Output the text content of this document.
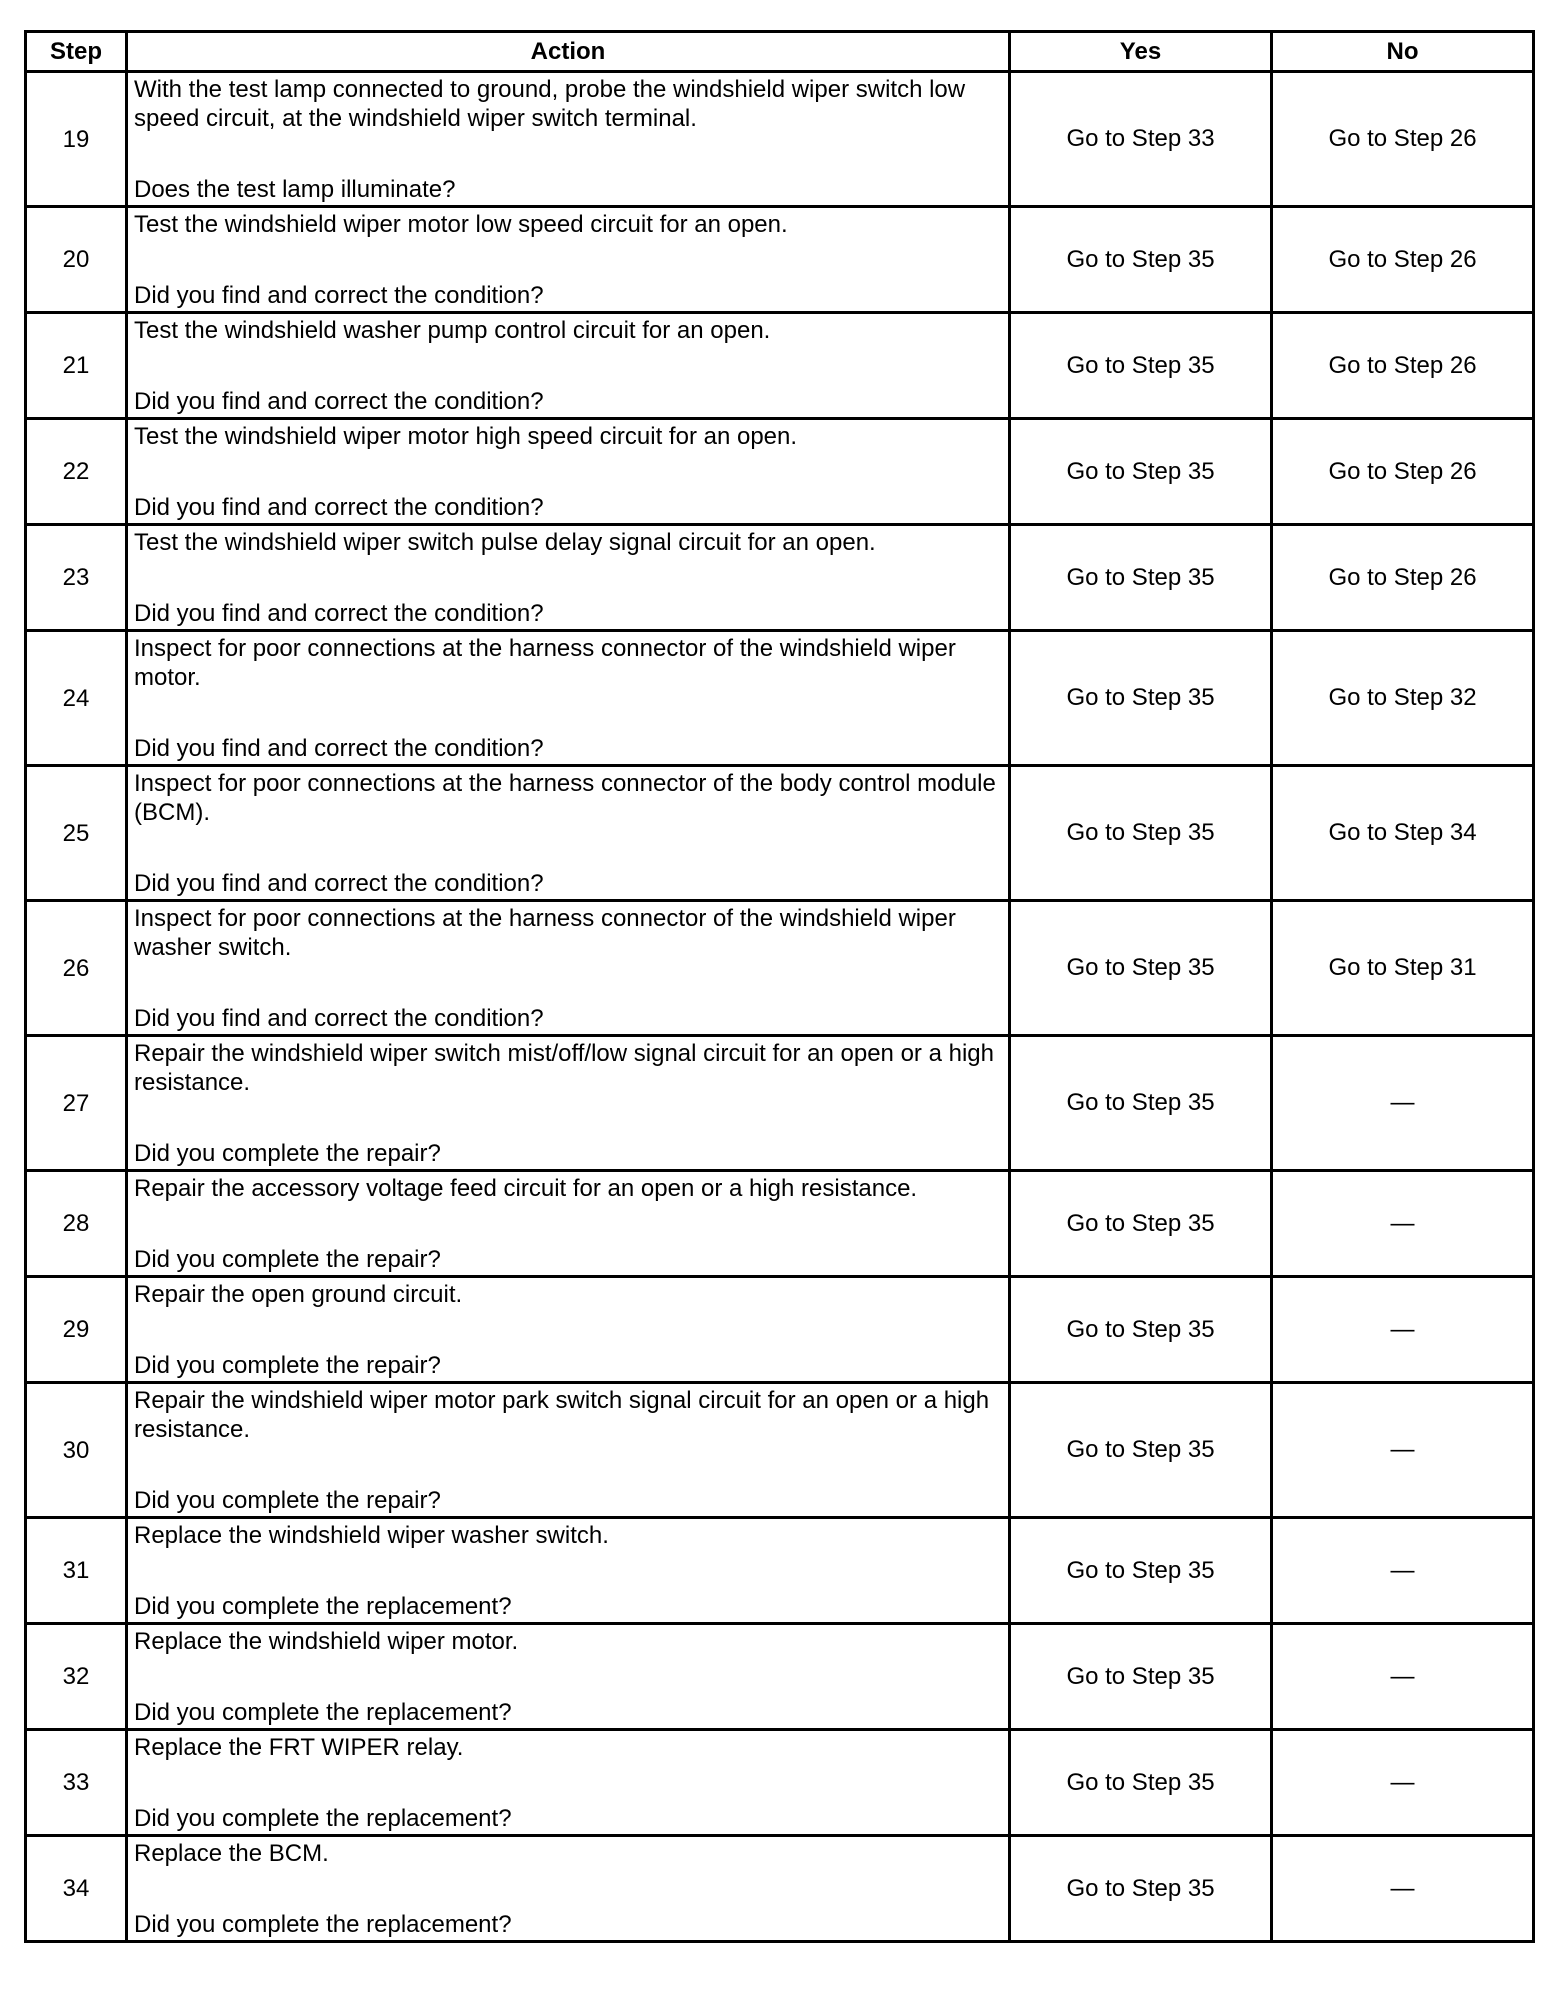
Step	Action	Yes	No
19	With the test lamp connected to ground, probe the windshield wiper switch low speed circuit, at the windshield wiper switch terminal.
Does the test lamp illuminate?	Go to Step 33	Go to Step 26

20	Test the windshield wiper motor low speed circuit for an open.
Did you find and correct the condition?	Go to Step 35	Go to Step 26

21	Test the windshield washer pump control circuit for an open.
Did you find and correct the condition?	Go to Step 35	Go to Step 26

22	Test the windshield wiper motor high speed circuit for an open.
Did you find and correct the condition?	Go to Step 35	Go to Step 26

23	Test the windshield wiper switch pulse delay signal circuit for an open.
Did you find and correct the condition?	Go to Step 35	Go to Step 26

24	Inspect for poor connections at the harness connector of the windshield wiper motor.
Did you find and correct the condition?	Go to Step 35	Go to Step 32

25	Inspect for poor connections at the harness connector of the body control module (BCM).
Did you find and correct the condition?	Go to Step 35	Go to Step 34

26	Inspect for poor connections at the harness connector of the windshield wiper washer switch.
Did you find and correct the condition?	Go to Step 35	Go to Step 31

27	Repair the windshield wiper switch mist/off/low signal circuit for an open or a high resistance.
Did you complete the repair?	Go to Step 35	—

28	Repair the accessory voltage feed circuit for an open or a high resistance.
Did you complete the repair?	Go to Step 35	—

29	Repair the open ground circuit.
Did you complete the repair?	Go to Step 35	—

30	Repair the windshield wiper motor park switch signal circuit for an open or a high resistance.
Did you complete the repair?	Go to Step 35	—

31	Replace the windshield wiper washer switch.
Did you complete the replacement?	Go to Step 35	—

32	Replace the windshield wiper motor.
Did you complete the replacement?	Go to Step 35	—

33	Replace the FRT WIPER relay.
Did you complete the replacement?	Go to Step 35	—

34	Replace the BCM.
Did you complete the replacement?	Go to Step 35	—
